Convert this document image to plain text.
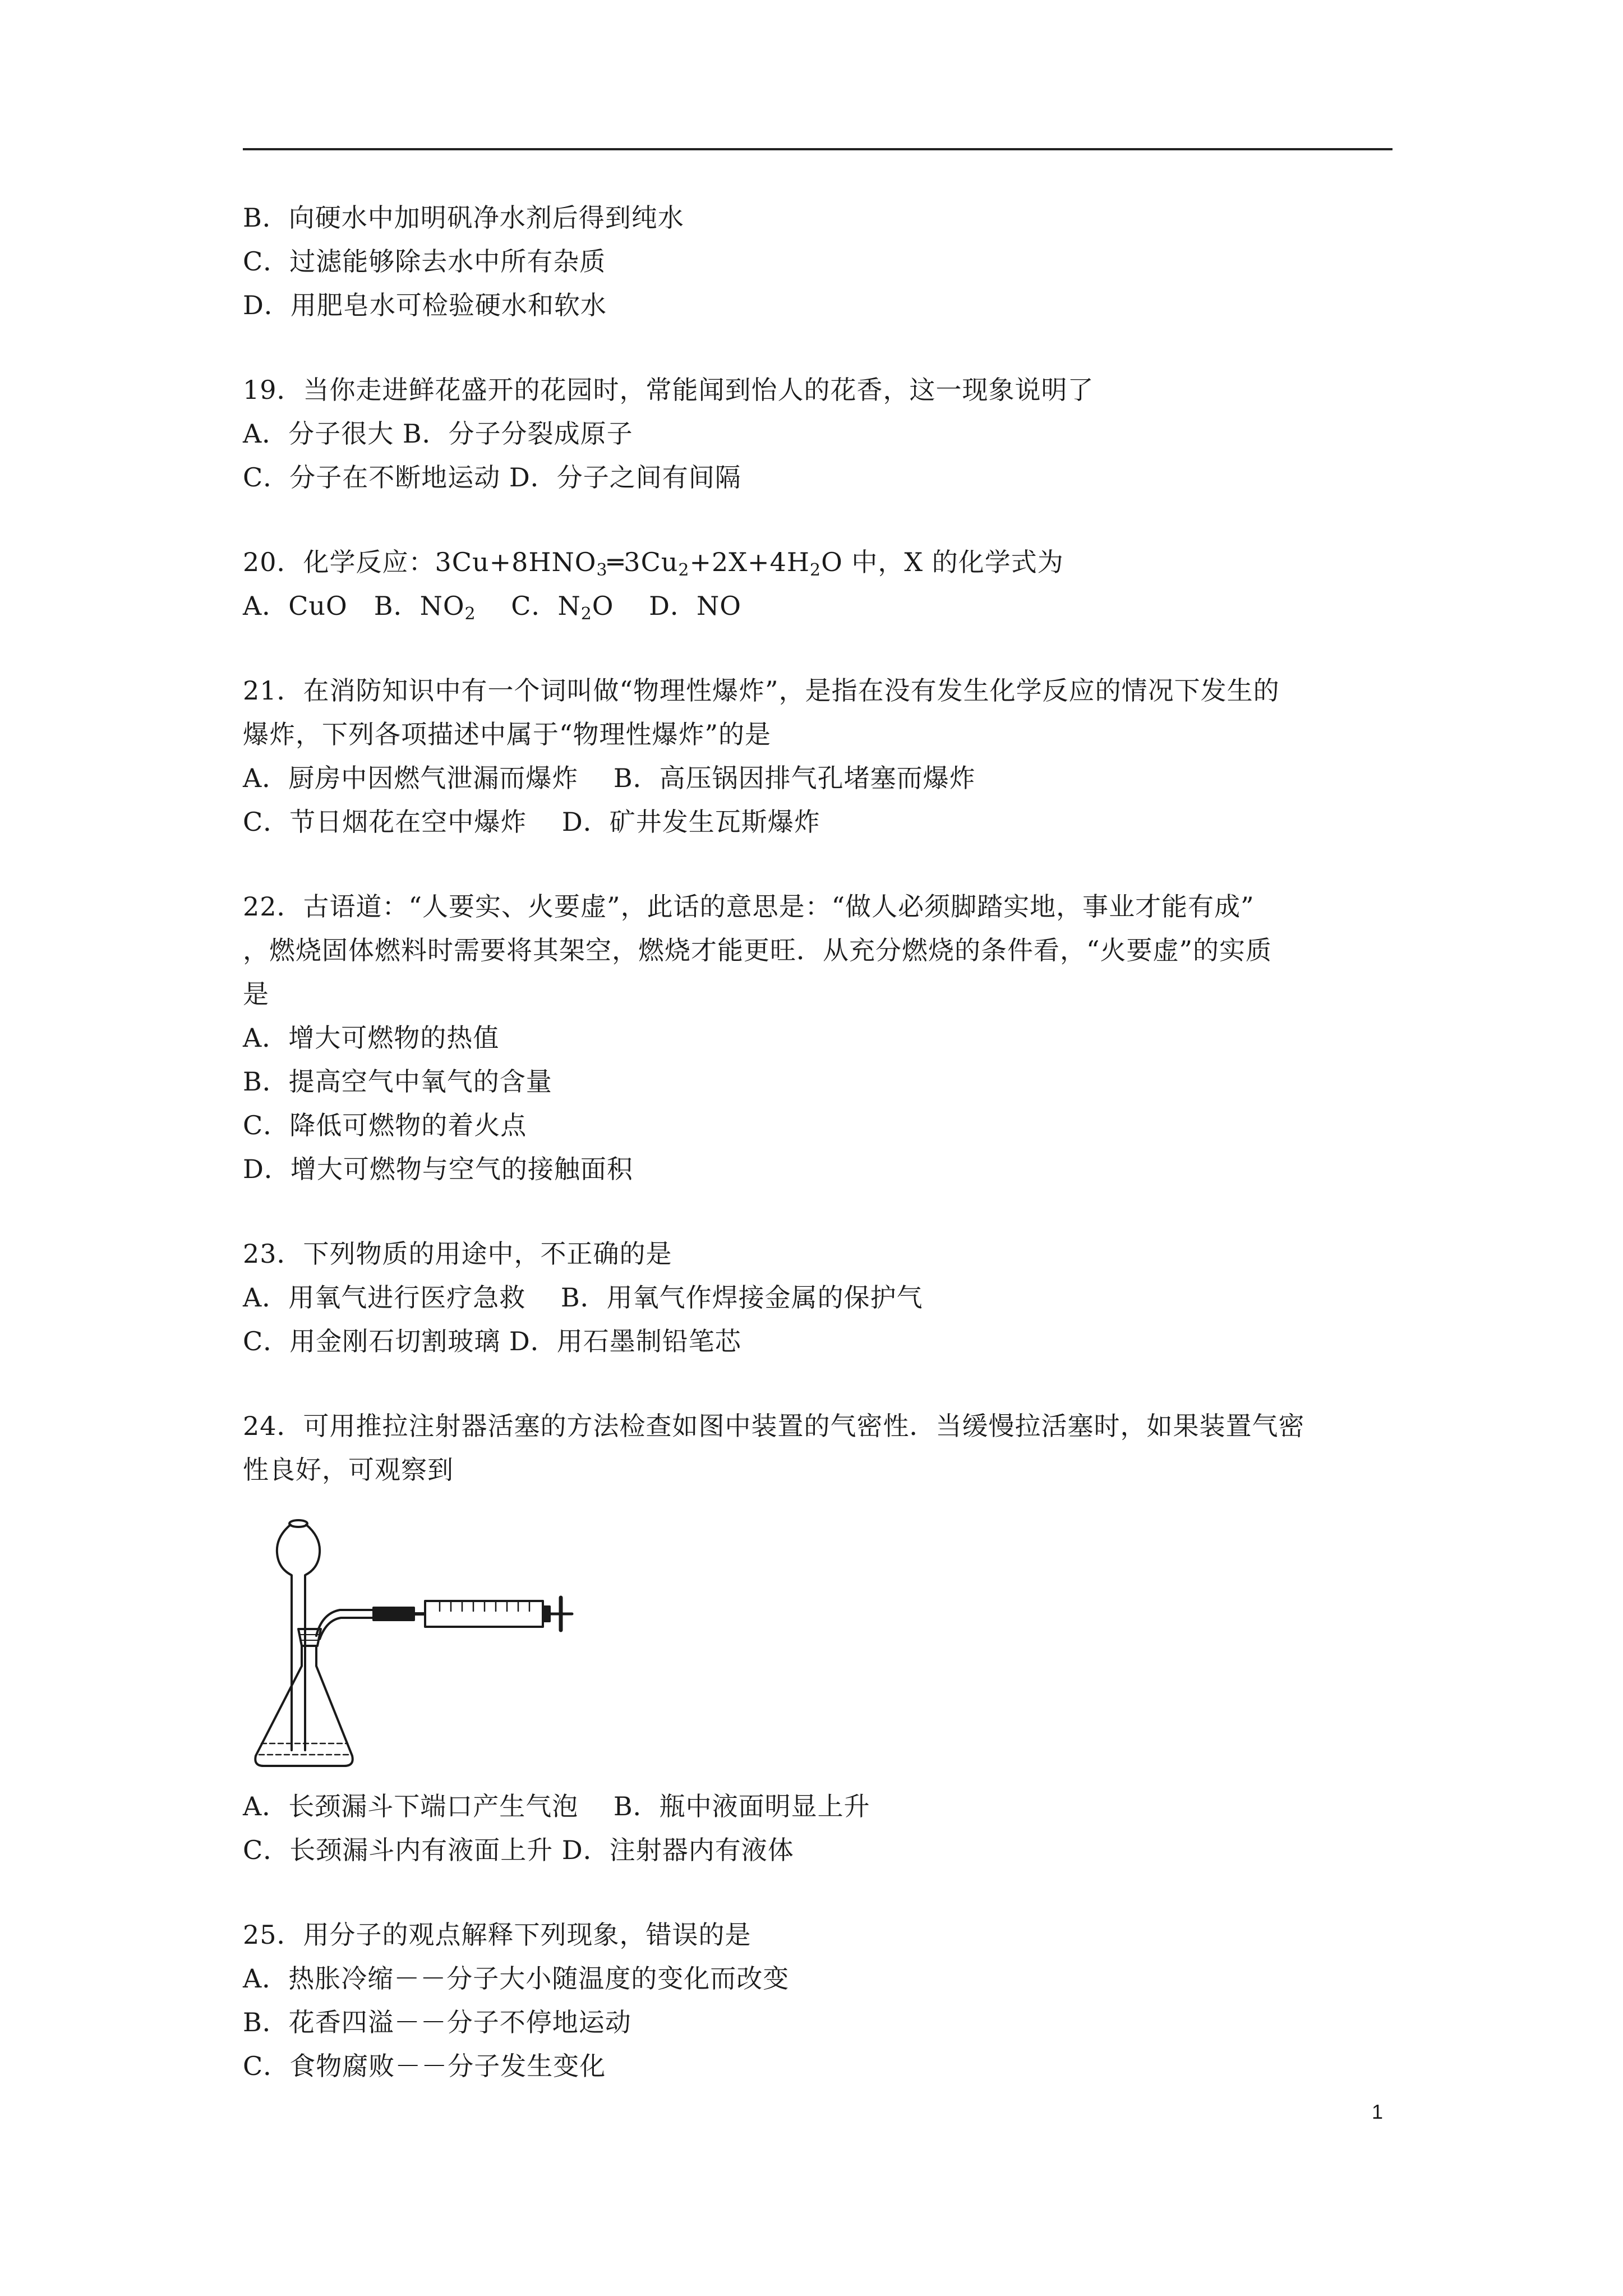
B．向硬水中加明矾净水剂后得到纯水
C．过滤能够除去水中所有杂质
D．用肥皂水可检验硬水和软水
19．当你走进鲜花盛开的花园时，常能闻到怡人的花香，这一现象说明了
A．分子很大 B．分子分裂成原子
C．分子在不断地运动 D．分子之间有间隔
20．化学反应：$3Cu+8HNO_3═3Cu_2+2X+4H_2O$ 中，X 的化学式为
A．CuO　 B．$NO_2$　 C．$N_2O$　 D．NO
21．在消防知识中有一个词叫做“物理性爆炸”，是指在没有发生化学反应的情况下发生的
爆炸，下列各项描述中属于“物理性爆炸”的是
A．厨房中因燃气泄漏而爆炸　 B．高压锅因排气孔堵塞而爆炸
C．节日烟花在空中爆炸　 D．矿井发生瓦斯爆炸
22．古语道：“人要实、火要虚”，此话的意思是：“做人必须脚踏实地，事业才能有成”
，燃烧固体燃料时需要将其架空，燃烧才能更旺．从充分燃烧的条件看，“火要虚”的实质
是
A．增大可燃物的热值
B．提高空气中氧气的含量
C．降低可燃物的着火点
D．增大可燃物与空气的接触面积
23．下列物质的用途中，不正确的是
A．用氧气进行医疗急救　 B．用氧气作焊接金属的保护气
C．用金刚石切割玻璃 D．用石墨制铅笔芯
24．可用推拉注射器活塞的方法检查如图中装置的气密性．当缓慢拉活塞时，如果装置气密
性良好，可观察到
A．长颈漏斗下端口产生气泡　 B．瓶中液面明显上升
C．长颈漏斗内有液面上升 D．注射器内有液体
25．用分子的观点解释下列现象，错误的是
A．热胀冷缩－－分子大小随温度的变化而改变
B．花香四溢－－分子不停地运动
C．食物腐败－－分子发生变化
1
